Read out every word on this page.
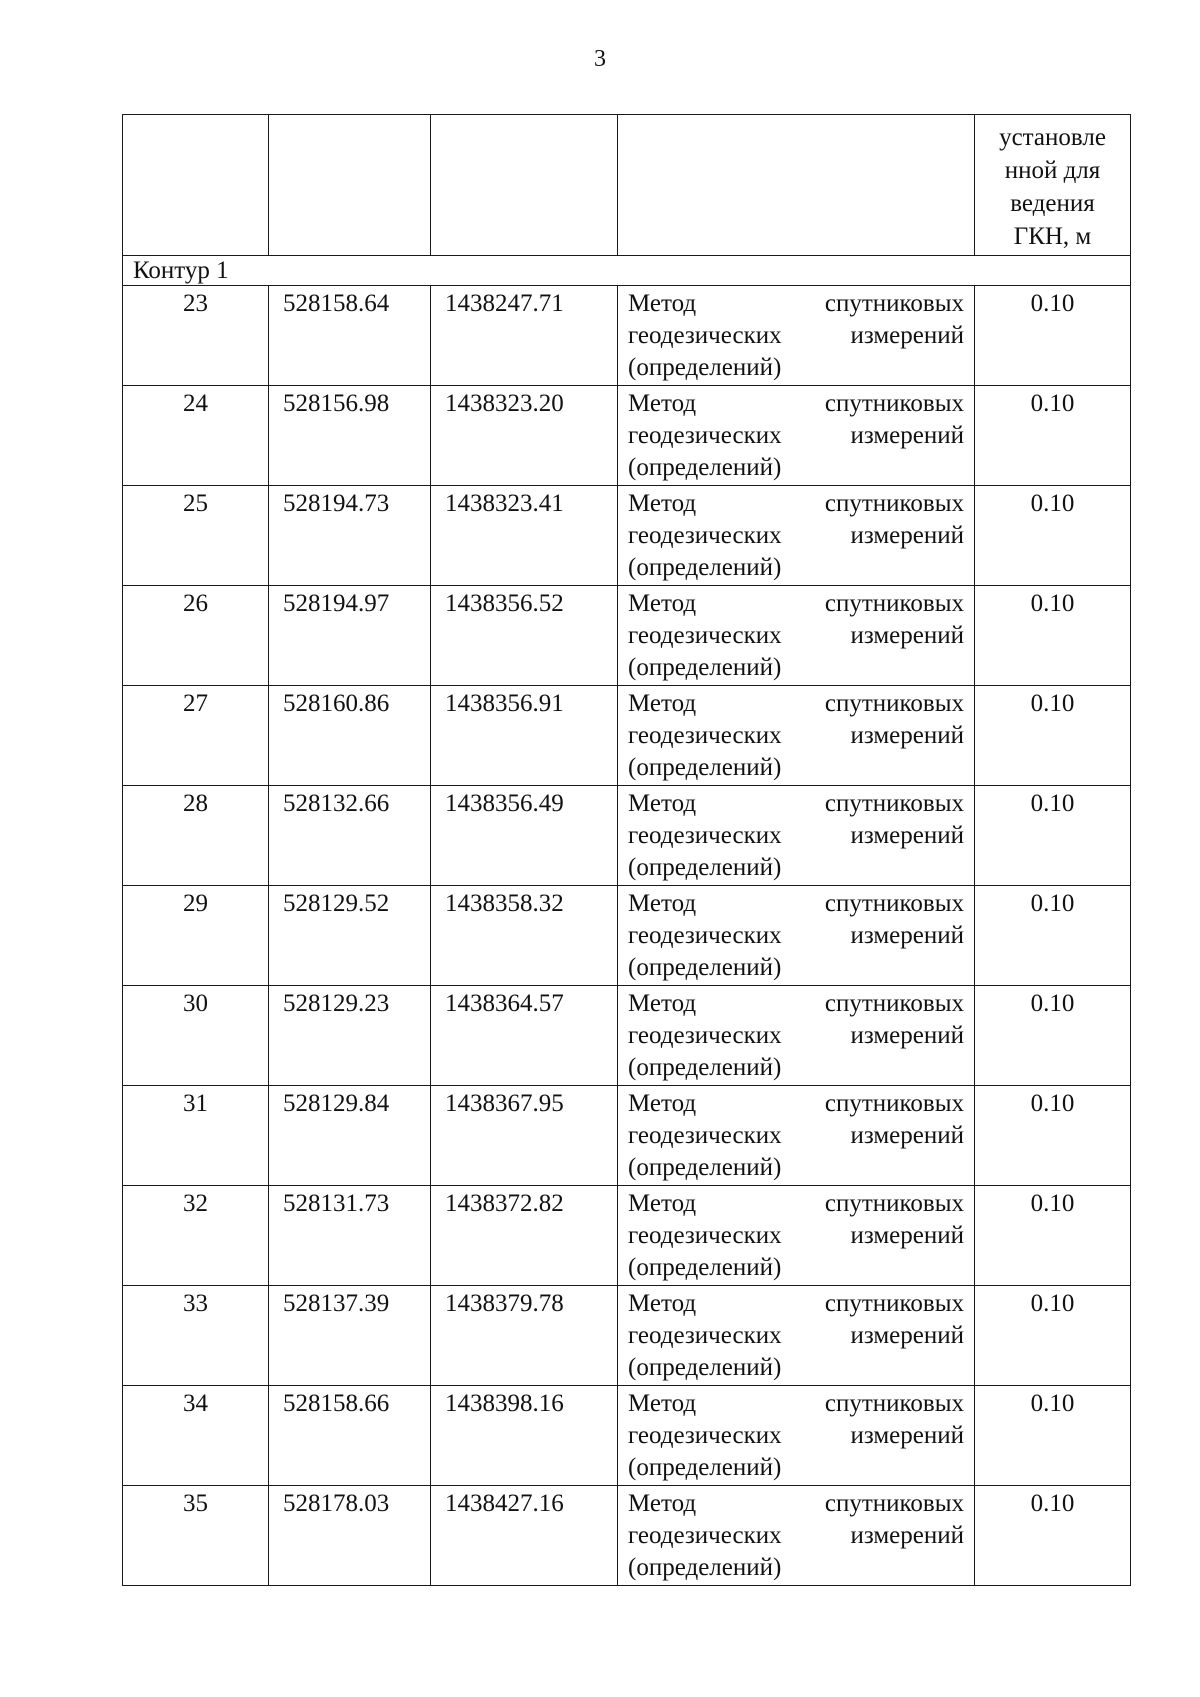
3

				установле
нной для
ведения
ГКН, м

Контур 1				
23	528158.64	1438247.71	Метод спутниковых
геодезических измерений
(определений)	0.10
24	528156.98	1438323.20	Метод спутниковых
геодезических измерений
(определений)	0.10
25	528194.73	1438323.41	Метод спутниковых
геодезических измерений
(определений)	0.10
26	528194.97	1438356.52	Метод спутниковых
геодезических измерений
(определений)	0.10
27	528160.86	1438356.91	Метод спутниковых
геодезических измерений
(определений)	0.10
28	528132.66	1438356.49	Метод спутниковых
геодезических измерений
(определений)	0.10
29	528129.52	1438358.32	Метод спутниковых
геодезических измерений
(определений)	0.10
30	528129.23	1438364.57	Метод спутниковых
геодезических измерений
(определений)	0.10
31	528129.84	1438367.95	Метод спутниковых
геодезических измерений
(определений)	0.10
32	528131.73	1438372.82	Метод спутниковых
геодезических измерений
(определений)	0.10
33	528137.39	1438379.78	Метод спутниковых
геодезических измерений
(определений)	0.10
34	528158.66	1438398.16	Метод спутниковых
геодезических измерений
(определений)	0.10
35	528178.03	1438427.16	Метод спутниковых
геодезических измерений
(определений)	0.10
